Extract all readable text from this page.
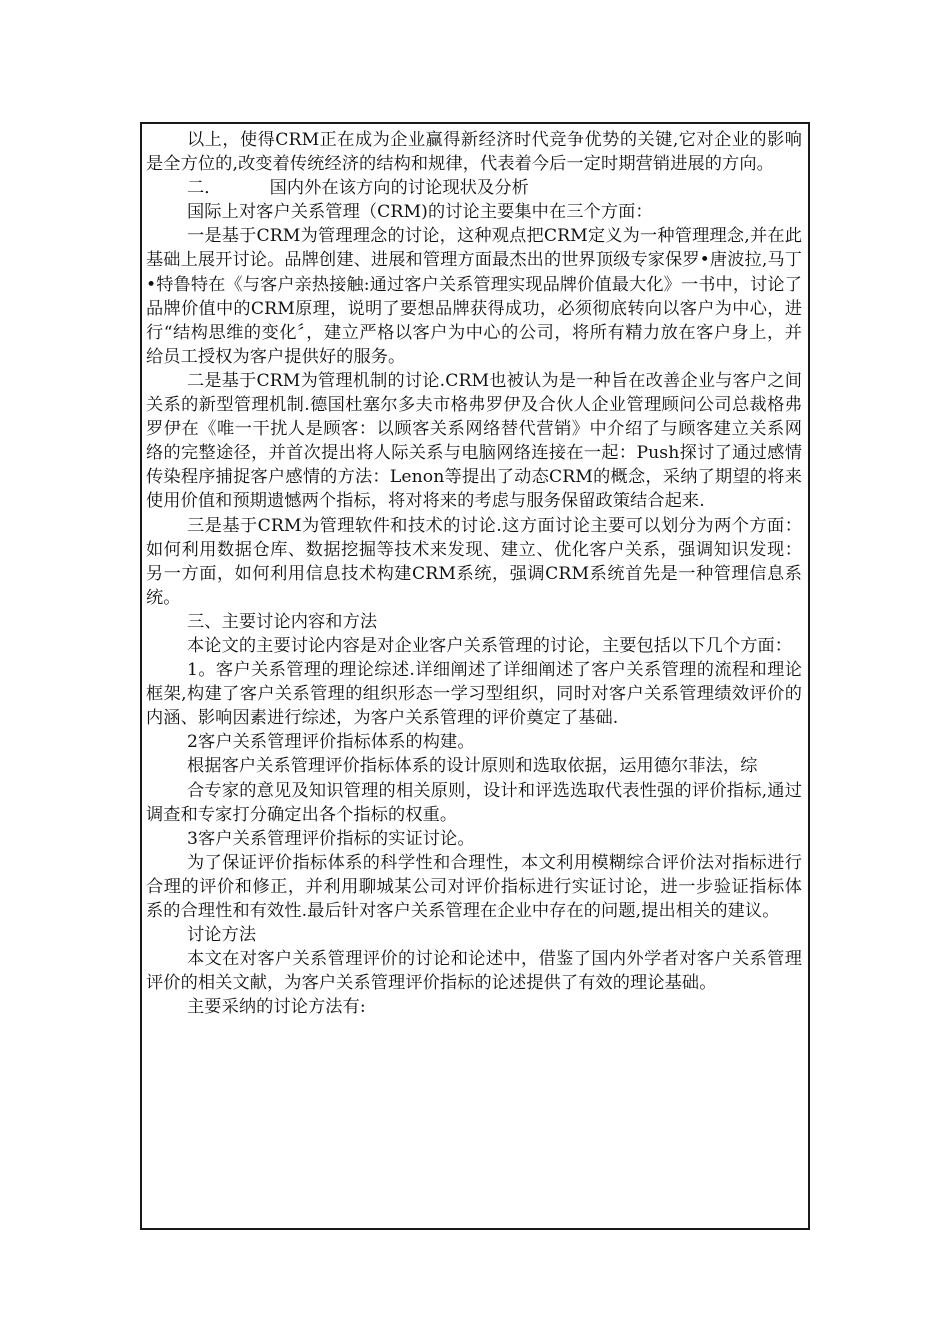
以上，使得CRM正在成为企业赢得新经济时代竞争优势的关键,它对企业的影响是全方位的,改变着传统经济的结构和规律，代表着今后一定时期营销进展的方向。

二．	国内外在该方向的讨论现状及分析

国际上对客户关系管理（CRM)的讨论主要集中在三个方面：

一是基于CRM为管理理念的讨论，这种观点把CRM定义为一种管理理念,并在此基础上展开讨论。品牌创建、进展和管理方面最杰出的世界顶级专家保罗•唐波拉,马丁•特鲁特在《与客户亲热接触:通过客户关系管理实现品牌价值最大化》一书中，讨论了品牌价值中的CRM原理，说明了要想品牌获得成功，必须彻底转向以客户为中心，进行“结构思维的变化〞，建立严格以客户为中心的公司，将所有精力放在客户身上，并给员工授权为客户提供好的服务。

二是基于CRM为管理机制的讨论.CRM也被认为是一种旨在改善企业与客户之间关系的新型管理机制.德国杜塞尔多夫市格弗罗伊及合伙人企业管理顾问公司总裁格弗罗伊在《唯一干扰人是顾客：以顾客关系网络替代营销》中介绍了与顾客建立关系网络的完整途径，并首次提出将人际关系与电脑网络连接在一起：Push探讨了通过感情传染程序捕捉客户感情的方法：Lenon等提出了动态CRM的概念，采纳了期望的将来使用价值和预期遗憾两个指标，将对将来的考虑与服务保留政策结合起来.

三是基于CRM为管理软件和技术的讨论.这方面讨论主要可以划分为两个方面：如何利用数据仓库、数据挖掘等技术来发现、建立、优化客户关系，强调知识发现：另一方面，如何利用信息技术构建CRM系统，强调CRM系统首先是一种管理信息系统。

三、主要讨论内容和方法

本论文的主要讨论内容是对企业客户关系管理的讨论，主要包括以下几个方面：

1。客户关系管理的理论综述.详细阐述了详细阐述了客户关系管理的流程和理论框架,构建了客户关系管理的组织形态一学习型组织，同时对客户关系管理绩效评价的内涵、影响因素进行综述，为客户关系管理的评价奠定了基础.

2客户关系管理评价指标体系的构建。

根据客户关系管理评价指标体系的设计原则和选取依据，运用德尔菲法，综

合专家的意见及知识管理的相关原则，设计和评选选取代表性强的评价指标,通过调查和专家打分确定出各个指标的权重。

3客户关系管理评价指标的实证讨论。

为了保证评价指标体系的科学性和合理性，本文利用模糊综合评价法对指标进行合理的评价和修正，并利用聊城某公司对评价指标进行实证讨论，进一步验证指标体系的合理性和有效性.最后针对客户关系管理在企业中存在的问题,提出相关的建议。

讨论方法

本文在对客户关系管理评价的讨论和论述中，借鉴了国内外学者对客户关系管理评价的相关文献，为客户关系管理评价指标的论述提供了有效的理论基础。

主要采纳的讨论方法有:
